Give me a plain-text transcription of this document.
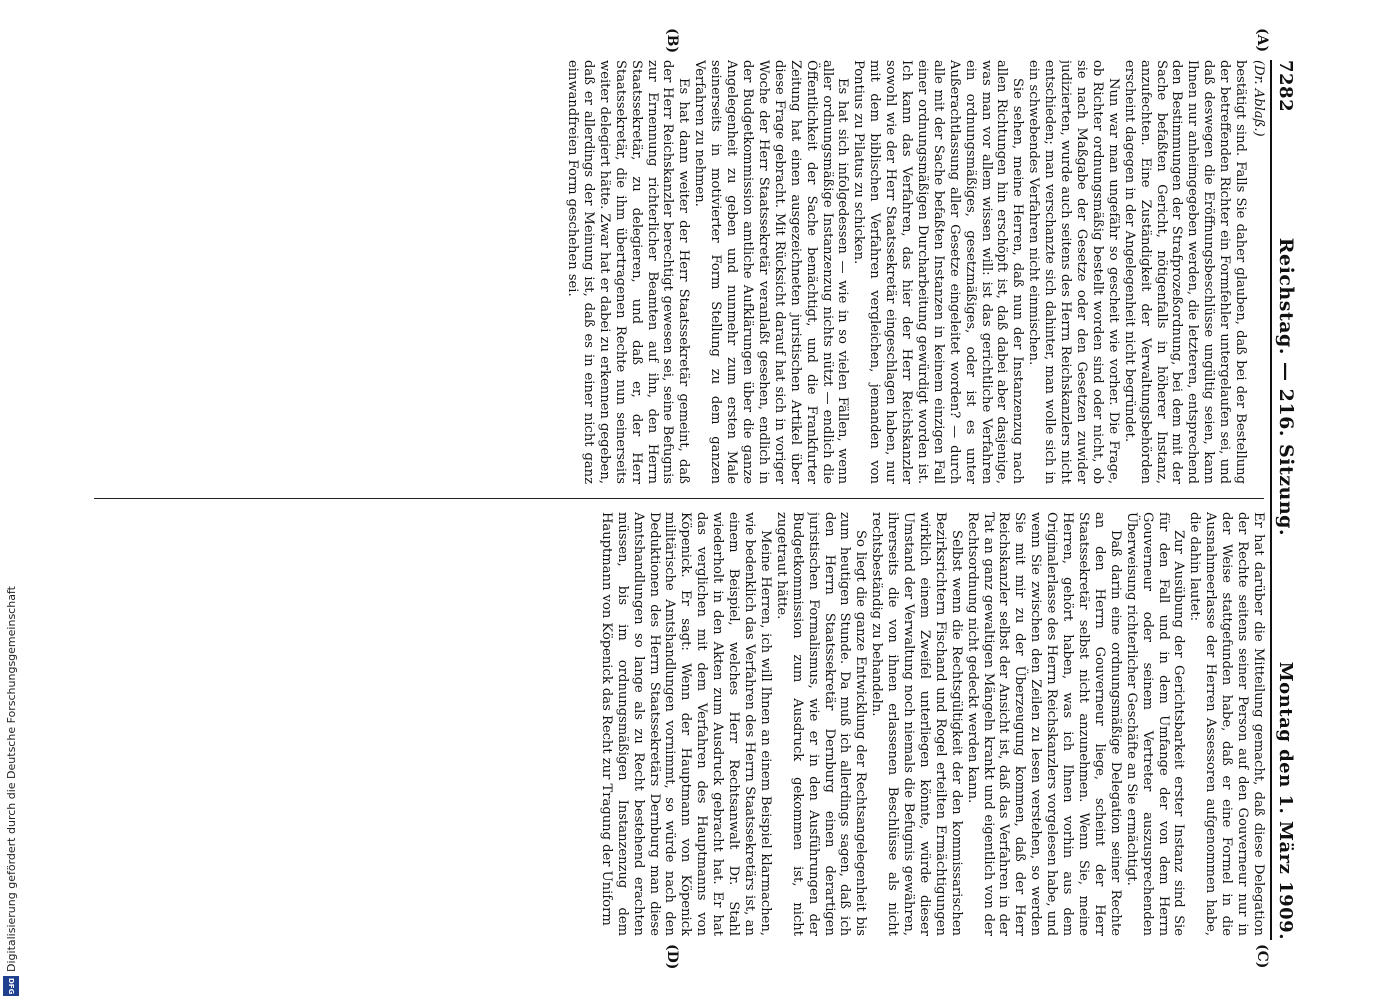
Digitalisierung gefördert durch die Deutsche Forschungsgemeinschaft
DFG
7282
Reichstag. — 216. Sitzung.
Montag den 1. März 1909.
(A)
(B)
(C)
(D)

(Dr. Ablaß.)

bestätigt sind. Falls Sie daher glauben, daß bei der Bestellung der betreffenden Richter ein Formfehler untergelaufen sei, und daß deswegen die Eröffnungsbeschlüsse ungültig seien, kann Ihnen nur anheimgegeben werden, die letzteren, entsprechend den Bestimmungen der Strafprozeßordnung, bei dem mit der Sache befaßten Gericht, nötigenfalls in höherer Instanz, anzufechten. Eine Zuständigkeit der Verwaltungsbehörden erscheint dagegen in der Angelegenheit nicht begründet.

Nun war man ungefähr so gescheit wie vorher. Die Frage, ob Richter ordnungsmäßig bestellt worden sind oder nicht, ob sie nach Maßgabe der Gesetze oder den Gesetzen zuwider judizierten, wurde auch seitens des Herrn Reichskanzlers nicht entschieden; man verschanzte sich dahinter, man wolle sich in ein schwebendes Verfahren nicht einmischen.

Sie sehen, meine Herren, daß nun der Instanzenzug nach allen Richtungen hin erschöpft ist, daß dabei aber dasjenige, was man vor allem wissen will: ist das gerichtliche Verfahren ein ordnungsmäßiges, gesetzmäßiges, oder ist es unter Außerachtlassung aller Gesetze eingeleitet worden? — durch alle mit der Sache befaßten Instanzen in keinem einzigen Fall einer ordnungsmäßigen Durcharbeitung gewürdigt worden ist. Ich kann das Verfahren, das hier der Herr Reichskanzler sowohl wie der Herr Staatssekretär eingeschlagen haben, nur mit dem biblischen Verfahren vergleichen, jemanden von Pontius zu Pilatus zu schicken.

Es hat sich infolgedessen — wie in so vielen Fällen, wenn aller ordnungsmäßige Instanzenzug nichts nützt — endlich die Öffentlichkeit der Sache bemächtigt, und die Frankfurter Zeitung hat einen ausgezeichneten juristischen Artikel über diese Frage gebracht. Mit Rücksicht darauf hat sich in voriger Woche der Herr Staatssekretär veranlaßt gesehen, endlich in der Budgetkommission amtliche Aufklärungen über die ganze Angelegenheit zu geben und nunmehr zum ersten Male seinerseits in motivierter Form Stellung zu dem ganzen Verfahren zu nehmen.

Es hat dann weiter der Herr Staatssekretär gemeint, daß der Herr Reichskanzler berechtigt gewesen sei, seine Befugnis zur Ernennung richterlicher Beamten auf ihn, den Herrn Staatssekretär, zu delegieren, und daß er, der Herr Staatssekretär, die ihm übertragenen Rechte nun seinerseits weiter delegiert hätte. Zwar hat er dabei zu erkennen gegeben, daß er allerdings der Meinung ist, daß es in einer nicht ganz einwandfreien Form geschehen sei.

Er hat darüber die Mitteilung gemacht, daß diese Delegation der Rechte seitens seiner Person auf den Gouverneur nur in der Weise stattgefunden habe, daß er eine Formel in die Ausnahmeerlasse der Herren Assessoren aufgenommen habe, die dahin lautet:

Zur Ausübung der Gerichtsbarkeit erster Instanz sind Sie für den Fall und in dem Umfange der von dem Herrn Gouverneur oder seinem Vertreter auszusprechenden Überweisung richterlicher Geschäfte an Sie ermächtigt.

Daß darin eine ordnungsmäßige Delegation seiner Rechte an den Herrn Gouverneur liege, scheint der Herr Staatssekretär selbst nicht anzunehmen. Wenn Sie, meine Herren, gehört haben, was ich Ihnen vorhin aus dem Originalerlasse des Herrn Reichskanzlers vorgelesen habe, und wenn Sie zwischen den Zeilen zu lesen verstehen, so werden Sie mit mir zu der Überzeugung kommen, daß der Herr Reichskanzler selbst der Ansicht ist, daß das Verfahren in der Tat an ganz gewaltigen Mängeln krankt und eigentlich von der Rechtsordnung nicht gedeckt werden kann.

Selbst wenn die Rechtsgültigkeit der den kommissarischen Bezirksrichtern Fischand und Rogel erteilten Ermächtigungen wirklich einem Zweifel unterliegen könnte, würde dieser Umstand der Verwaltung noch niemals die Befugnis gewähren, ihrerseits die von ihnen erlassenen Beschlüsse als nicht rechtsbeständig zu behandeln.

So liegt die ganze Entwicklung der Rechtsangelegenheit bis zum heutigen Stunde. Da muß ich allerdings sagen, daß ich den Herrn Staatssekretär Dernburg einen derartigen juristischen Formalismus, wie er in den Ausführungen der Budgetkommission zum Ausdruck gekommen ist, nicht zugetraut hätte.

Meine Herren, ich will Ihnen an einem Beispiel klarmachen, wie bedenklich das Verfahren des Herrn Staatssekretärs ist, an einem Beispiel, welches Herr Rechtsanwalt Dr. Stahl wiederholt in den Akten zum Ausdruck gebracht hat. Er hat das verglichen mit dem Verfahren des Hauptmanns von Köpenick. Er sagt: Wenn der Hauptmann von Köpenick militärische Amtshandlungen vornimmt, so würde nach den Deduktionen des Herrn Staatssekretärs Dernburg man diese Amtshandlungen so lange als zu Recht bestehend erachten müssen, bis im ordnungsmäßigen Instanzenzug dem Hauptmann von Köpenick das Recht zur Tragung der Uniform
